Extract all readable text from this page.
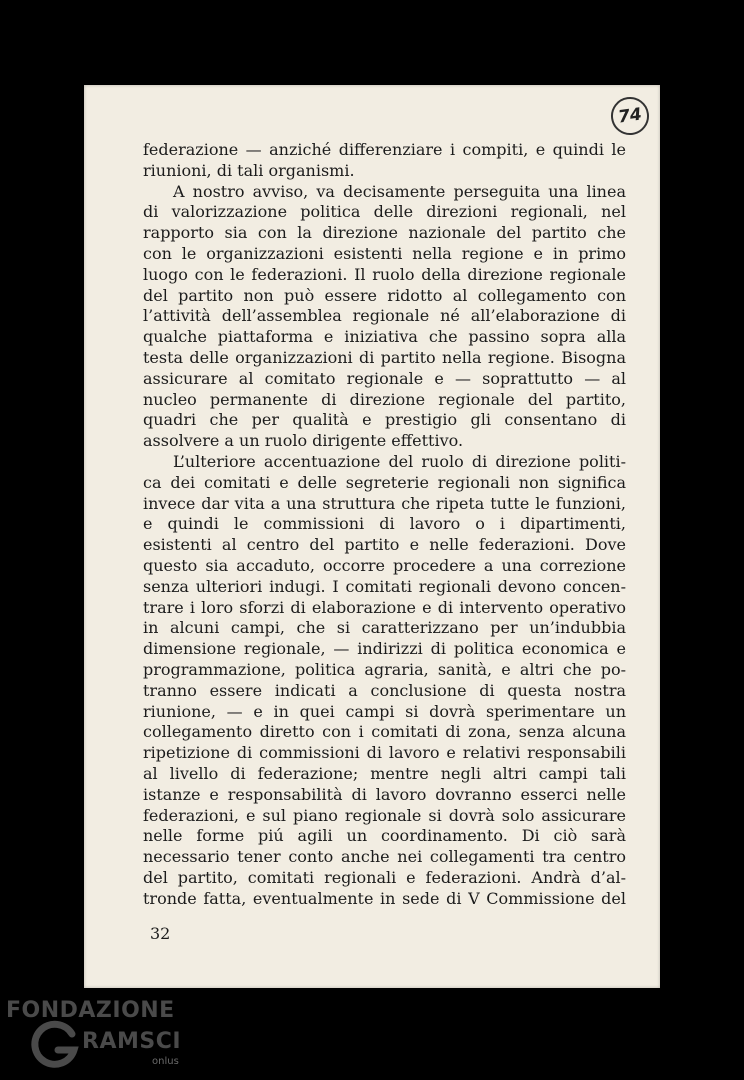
74
federazione — anziché differenziare i compiti, e quindi le
riunioni, di tali organismi.
A nostro avviso, va decisamente perseguita una linea
di valorizzazione politica delle direzioni regionali, nel
rapporto sia con la direzione nazionale del partito che
con le organizzazioni esistenti nella regione e in primo
luogo con le federazioni. Il ruolo della direzione regionale
del partito non può essere ridotto al collegamento con
l’attività dell’assemblea regionale né all’elaborazione di
qualche piattaforma e iniziativa che passino sopra alla
testa delle organizzazioni di partito nella regione. Bisogna
assicurare al comitato regionale e — soprattutto — al
nucleo permanente di direzione regionale del partito,
quadri che per qualità e prestigio gli consentano di
assolvere a un ruolo dirigente effettivo.
L’ulteriore accentuazione del ruolo di direzione politi-
ca dei comitati e delle segreterie regionali non significa
invece dar vita a una struttura che ripeta tutte le funzioni,
e quindi le commissioni di lavoro o i dipartimenti,
esistenti al centro del partito e nelle federazioni. Dove
questo sia accaduto, occorre procedere a una correzione
senza ulteriori indugi. I comitati regionali devono concen-
trare i loro sforzi di elaborazione e di intervento operativo
in alcuni campi, che si caratterizzano per un’indubbia
dimensione regionale, — indirizzi di politica economica e
programmazione, politica agraria, sanità, e altri che po-
tranno essere indicati a conclusione di questa nostra
riunione, — e in quei campi si dovrà sperimentare un
collegamento diretto con i comitati di zona, senza alcuna
ripetizione di commissioni di lavoro e relativi responsabili
al livello di federazione; mentre negli altri campi tali
istanze e responsabilità di lavoro dovranno esserci nelle
federazioni, e sul piano regionale si dovrà solo assicurare
nelle forme piú agili un coordinamento. Di ciò sarà
necessario tener conto anche nei collegamenti tra centro
del partito, comitati regionali e federazioni. Andrà d’al-
tronde fatta, eventualmente in sede di V Commissione del
32
FONDAZIONE
RAMSCI
onlus
